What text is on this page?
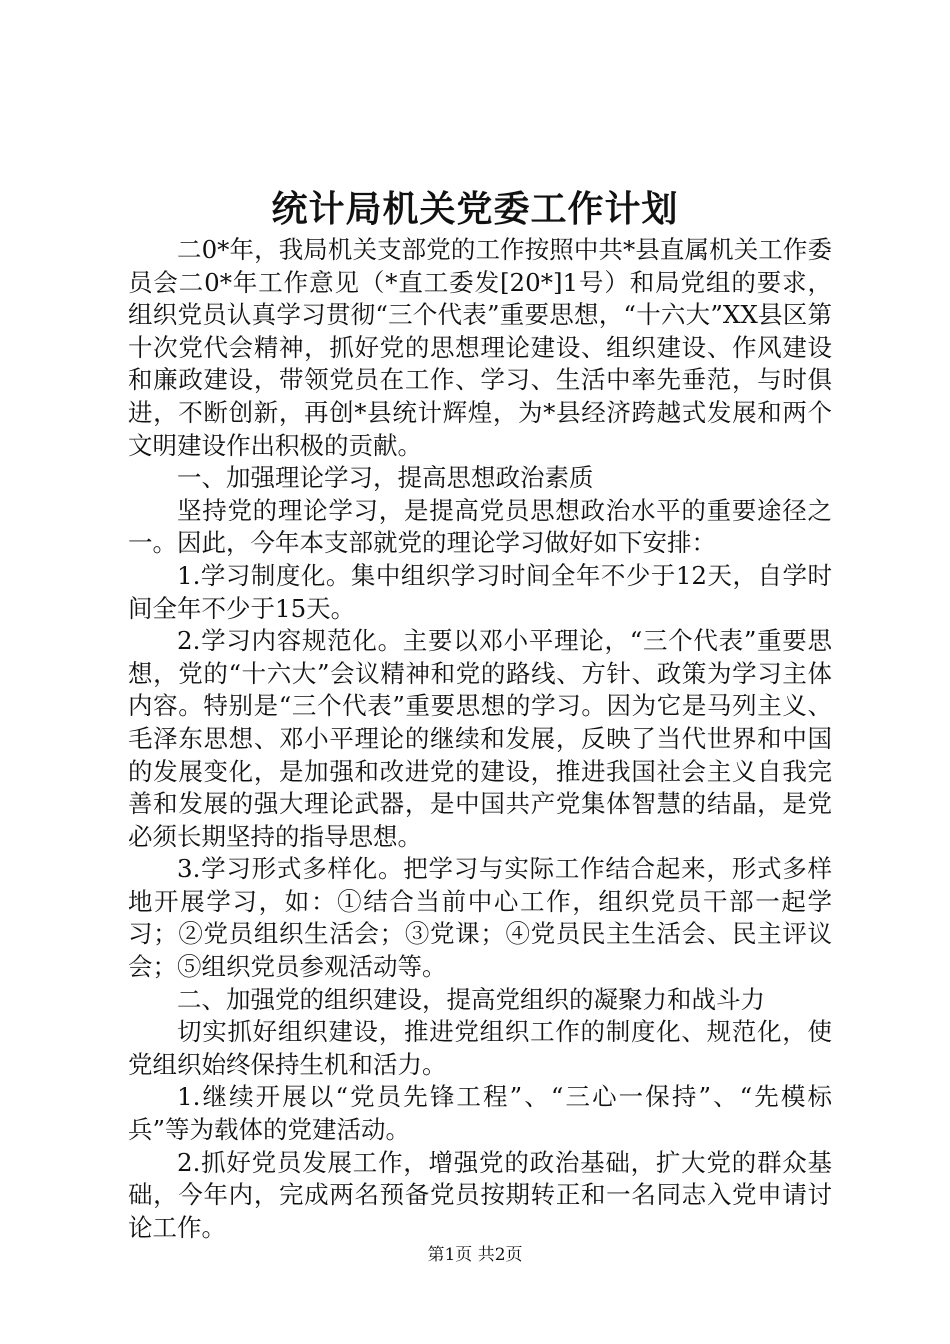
统计局机关党委工作计划

二0*年，我局机关支部党的工作按照中共*县直属机关工作委员会二0*年工作意见（*直工委发[20*]1号）和局党组的要求，组织党员认真学习贯彻“三个代表”重要思想，“十六大”XX县区第十次党代会精神，抓好党的思想理论建设、组织建设、作风建设和廉政建设，带领党员在工作、学习、生活中率先垂范，与时俱进，不断创新，再创*县统计辉煌，为*县经济跨越式发展和两个文明建设作出积极的贡献。

一、加强理论学习，提高思想政治素质

坚持党的理论学习，是提高党员思想政治水平的重要途径之一。因此，今年本支部就党的理论学习做好如下安排：

1.学习制度化。集中组织学习时间全年不少于12天，自学时间全年不少于15天。

2.学习内容规范化。主要以邓小平理论，“三个代表”重要思想，党的“十六大”会议精神和党的路线、方针、政策为学习主体内容。特别是“三个代表”重要思想的学习。因为它是马列主义、毛泽东思想、邓小平理论的继续和发展，反映了当代世界和中国的发展变化，是加强和改进党的建设，推进我国社会主义自我完善和发展的强大理论武器，是中国共产党集体智慧的结晶，是党必须长期坚持的指导思想。

3.学习形式多样化。把学习与实际工作结合起来，形式多样地开展学习，如：①结合当前中心工作，组织党员干部一起学习；②党员组织生活会；③党课；④党员民主生活会、民主评议会；⑤组织党员参观活动等。

二、加强党的组织建设，提高党组织的凝聚力和战斗力

切实抓好组织建设，推进党组织工作的制度化、规范化，使党组织始终保持生机和活力。

1.继续开展以“党员先锋工程”、“三心一保持”、“先模标兵”等为载体的党建活动。

2.抓好党员发展工作，增强党的政治基础，扩大党的群众基础，今年内，完成两名预备党员按期转正和一名同志入党申请讨论工作。

第1页 共2页
